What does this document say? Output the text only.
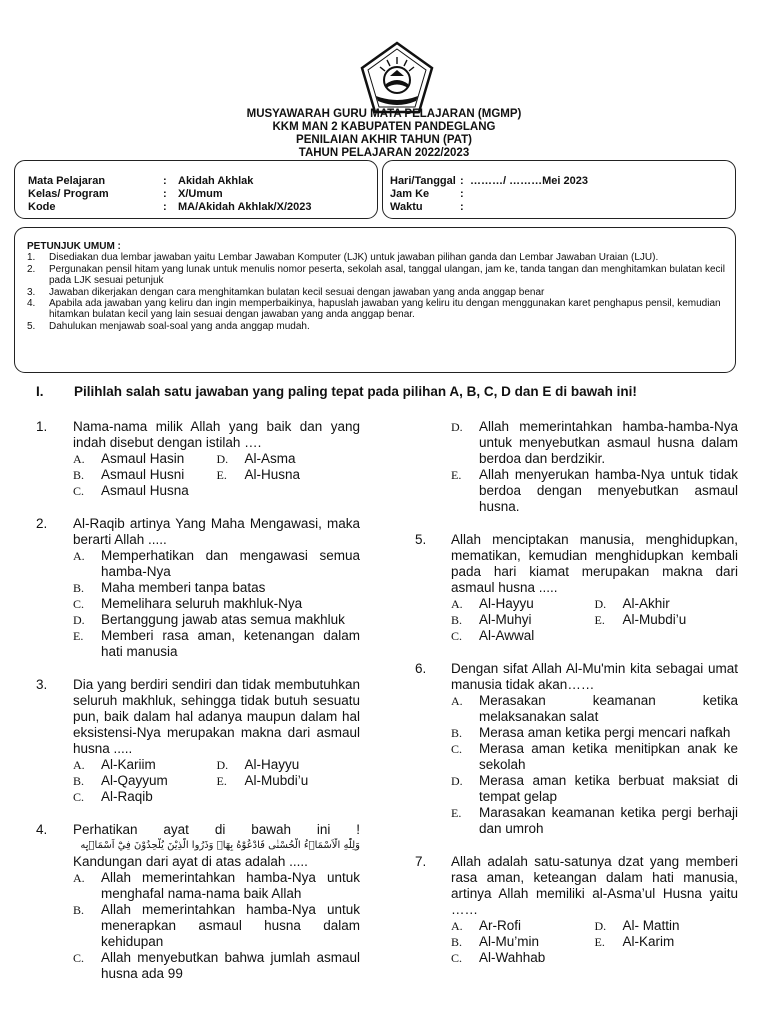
MUSYAWARAH GURU MATA PELAJARAN (MGMP)
KKM MAN 2 KABUPATEN PANDEGLANG
PENILAIAN AKHIR TAHUN (PAT)
TAHUN PELAJARAN 2022/2023
Mata Pelajaran	:	Akidah Akhlak
Kelas/ Program	:	X/Umum
Kode	:	MA/Akidah Akhlak/X/2023
Hari/Tanggal : ………/ ………Mei 2023
Jam Ke	:
Waktu	:
PETUNJUK UMUM :
1.	Disediakan dua lembar jawaban yaitu Lembar Jawaban Komputer (LJK) untuk jawaban pilihan ganda dan Lembar Jawaban Uraian (LJU).
2.	Pergunakan pensil hitam yang lunak untuk menulis nomor peserta, sekolah asal, tanggal ulangan, jam ke, tanda tangan dan menghitamkan bulatan kecil pada LJK sesuai petunjuk
3.	Jawaban dikerjakan dengan cara menghitamkan bulatan kecil sesuai dengan jawaban yang anda anggap benar
4.	Apabila ada jawaban yang keliru dan ingin memperbaikinya, hapuslah jawaban yang keliru itu dengan menggunakan karet penghapus pensil, kemudian hitamkan bulatan kecil yang lain sesuai dengan jawaban yang anda anggap benar.
5.	Dahulukan menjawab soal-soal yang anda anggap mudah.
I. Pilihlah salah satu jawaban yang paling tepat pada pilihan A, B, C, D dan E di bawah ini!
1. Nama-nama milik Allah yang baik dan yang indah disebut dengan istilah ….
A.	Asmaul Hasin	D.	Al-Asma
B.	Asmaul Husni	E.	Al-Husna
C.	Asmaul Husna
2. Al-Raqib artinya Yang Maha Mengawasi, maka berarti Allah .....
A.	Memperhatikan dan mengawasi semua hamba-Nya
B.	Maha memberi tanpa batas
C.	Memelihara seluruh makhluk-Nya
D.	Bertanggung jawab atas semua makhluk
E.	Memberi rasa aman, ketenangan dalam hati manusia
3. Dia yang berdiri sendiri dan tidak membutuhkan seluruh makhluk, sehingga tidak butuh sesuatu pun, baik dalam hal adanya maupun dalam hal eksistensi-Nya merupakan makna dari asmaul husna .....
A.	Al-Kariim	D.	Al-Hayyu
B.	Al-Qayyum	E.	Al-Mubdi’u
C.	Al-Raqib
4. Perhatikan ayat di bawah ini !
وَلِلّٰهِ الْاَسْمَاۤءُ الْحُسْنٰى فَادْعُوْهُ بِهَاۖ وَذَرُوا الَّذِيْنَ يُلْحِدُوْنَ فِيْٓ اَسْمَاۤىِٕه
Kandungan dari ayat di atas adalah .....
A.	Allah memerintahkan hamba-Nya untuk menghafal nama-nama baik Allah
B.	Allah memerintahkan hamba-Nya untuk menerapkan asmaul husna dalam kehidupan
C.	Allah menyebutkan bahwa jumlah asmaul husna ada 99
D.	Allah memerintahkan hamba-hamba-Nya untuk menyebutkan asmaul husna dalam berdoa dan berdzikir.
E.	Allah menyerukan hamba-Nya untuk tidak berdoa dengan menyebutkan asmaul husna.
5. Allah menciptakan manusia, menghidupkan, mematikan, kemudian menghidupkan kembali pada hari kiamat merupakan makna dari asmaul husna .....
A.	Al-Hayyu	D.	Al-Akhir
B.	Al-Muhyi	E.	Al-Mubdi’u
C.	Al-Awwal
6. Dengan sifat Allah Al-Mu'min kita sebagai umat manusia tidak akan……
A.	Merasakan keamanan ketika melaksanakan salat
B.	Merasa aman ketika pergi mencari nafkah
C.	Merasa aman ketika menitipkan anak ke sekolah
D.	Merasa aman ketika berbuat maksiat di tempat gelap
E.	Marasakan keamanan ketika pergi berhaji dan umroh
7. Allah adalah satu-satunya dzat yang memberi rasa aman, keteangan dalam hati manusia, artinya Allah memiliki al-Asma’ul Husna yaitu ……
A.	Ar-Rofi	D.	Al- Mattin
B.	Al-Mu’min	E.	Al-Karim
C.	Al-Wahhab
